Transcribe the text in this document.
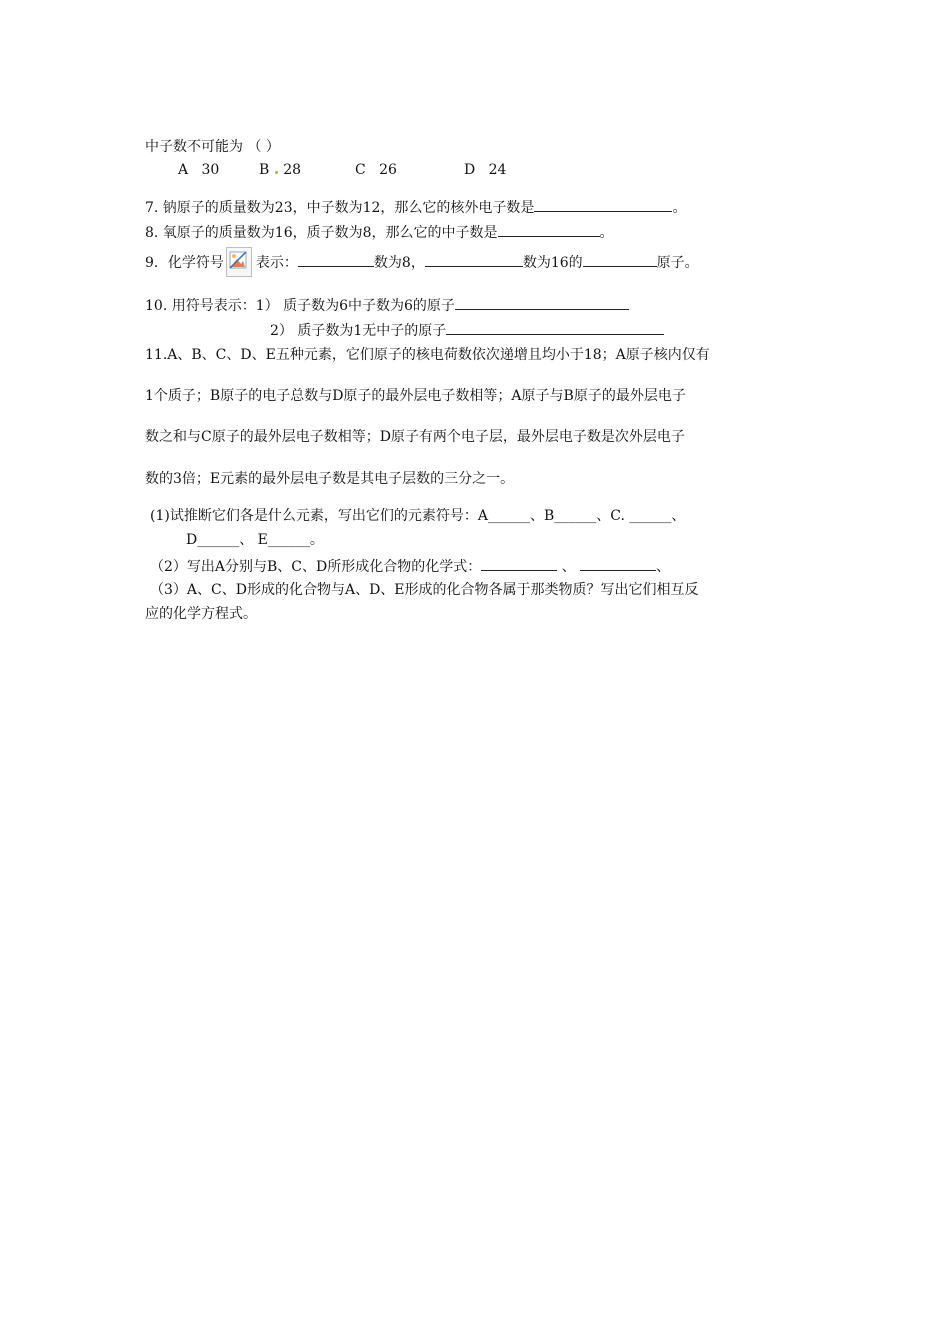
中子数不可能为 （ ）
A 30	B 28	C 26	D 24
7. 钠原子的质量数为23，中子数为12，那么它的核外电子数是	。
8. 氧原子的质量数为16，质子数为8，那么它的中子数是	。
9．化学符号 表示：	数为8，	数为16的	原子。
10. 用符号表示：1） 质子数为6中子数为6的原子
2） 质子数为1无中子的原子
11.A、B、C、D、E五种元素，它们原子的核电荷数依次递增且均小于18；A原子核内仅有
1个质子；B原子的电子总数与D原子的最外层电子数相等；A原子与B原子的最外层电子
数之和与C原子的最外层电子数相等；D原子有两个电子层，最外层电子数是次外层电子
数的3倍；E元素的最外层电子数是其电子层数的三分之一。
(1)试推断它们各是什么元素，写出它们的元素符号：A______、B______、C. ______、
D______、 E______。
（2）写出A分别与B、C、D所形成化合物的化学式：	、	、
（3）A、C、D形成的化合物与A、D、E形成的化合物各属于那类物质？写出它们相互反
应的化学方程式。
